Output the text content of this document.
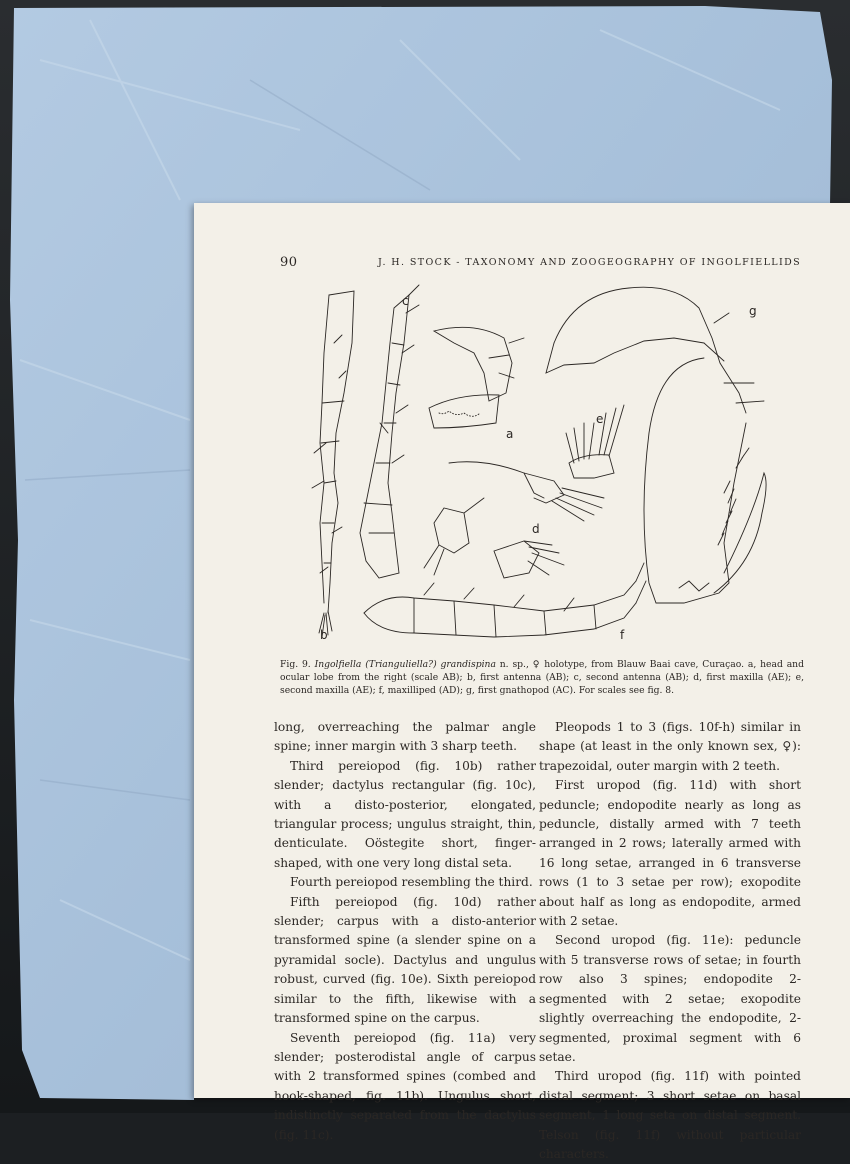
90	J. H. STOCK - TAXONOMY AND ZOOGEOGRAPHY OF INGOLFIELLIDS
c
a
g
e
d
b	f
Fig. 9. Ingolfiella (Trianguliella?) grandispina n. sp., ♀ holotype, from Blauw Baai cave, Curaçao. a, head and ocular lobe from the right (scale AB); b, first antenna (AB); c, second antenna (AB); d, first maxilla (AE); e, second maxilla (AE); f, maxilliped (AD); g, first gnathopod (AC). For scales see fig. 8.

long, overreaching the palmar angle spine; inner margin with 3 sharp teeth.

Third pereiopod (fig. 10b) rather slender; dactylus rectangular (fig. 10c), with a disto-posterior, elongated, triangular process; ungulus straight, thin, denticulate. Oöstegite short, finger-shaped, with one very long distal seta.

Fourth pereiopod resembling the third.

Fifth pereiopod (fig. 10d) rather slender; carpus with a disto-anterior transformed spine (a slender spine on a pyramidal socle). Dactylus and ungulus robust, curved (fig. 10e). Sixth pereiopod similar to the fifth, likewise with a transformed spine on the carpus.

Seventh pereiopod (fig. 11a) very slender; posterodistal angle of carpus with 2 transformed spines (combed and hook-shaped, fig. 11b). Ungulus short, indistinctly separated from the dactylus (fig. 11c).

Pleopods 1 to 3 (figs. 10f-h) similar in shape (at least in the only known sex, ♀): trapezoidal, outer margin with 2 teeth.

First uropod (fig. 11d) with short peduncle; endopodite nearly as long as peduncle, distally armed with 7 teeth arranged in 2 rows; laterally armed with 16 long setae, arranged in 6 transverse rows (1 to 3 setae per row); exopodite about half as long as endopodite, armed with 2 setae.

Second uropod (fig. 11e): peduncle with 5 transverse rows of setae; in fourth row also 3 spines; endopodite 2-segmented with 2 setae; exopodite slightly overreaching the endopodite, 2-segmented, proximal segment with 6 setae.

Third uropod (fig. 11f) with pointed distal segment; 3 short setae on basal segment, 1 long seta on distal segment. Telson (fig. 11f) without particular characters.
